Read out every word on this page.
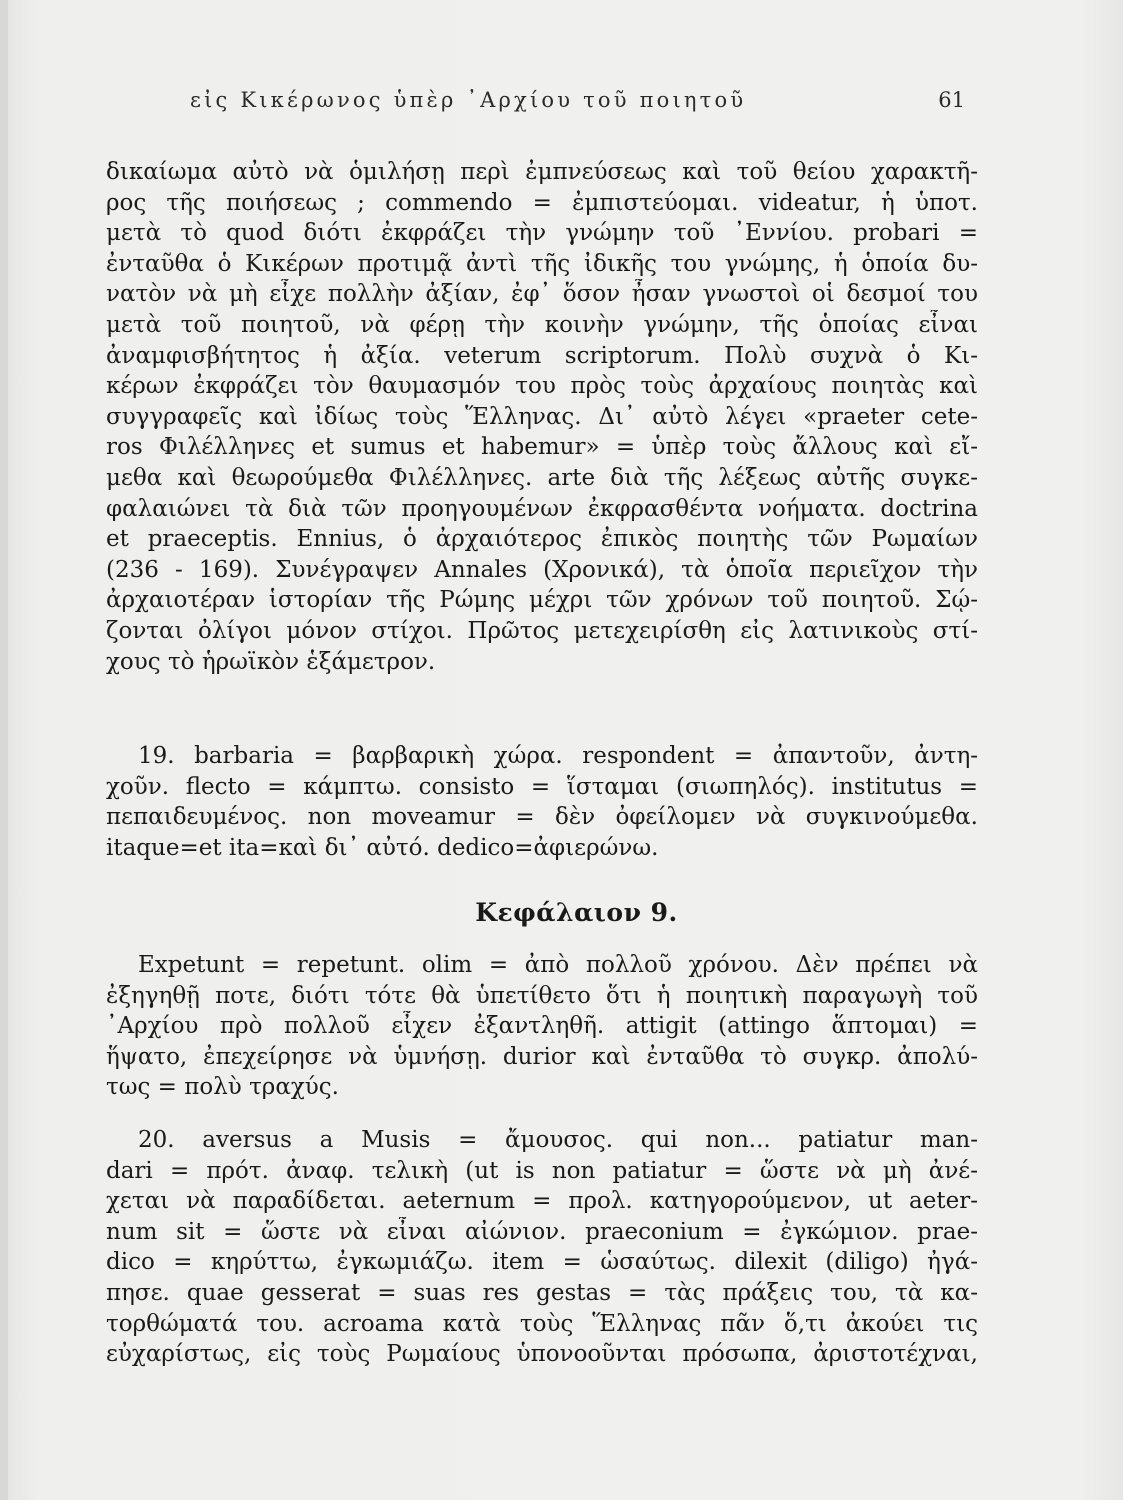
εἰς Κικέρωνος ὑπὲρ ᾽Αρχίου τοῦ ποιητοῦ	61
δικαίωμα αὐτὸ νὰ ὁμιλήσῃ περὶ ἐμπνεύσεως καὶ τοῦ θείου χαρακτῆ-
ρος τῆς ποιήσεως ; commendo = ἐμπιστεύομαι. videatur, ἡ ὑποτ.
μετὰ τὸ quod διότι ἐκφράζει τὴν γνώμην τοῦ ᾽Εννίου. probari =
ἐνταῦθα ὁ Κικέρων προτιμᾷ ἀντὶ τῆς ἰδικῆς του γνώμης, ἡ ὁποία δυ-
νατὸν νὰ μὴ εἶχε πολλὴν ἀξίαν, ἐφ᾽ ὅσον ἦσαν γνωστοὶ οἱ δεσμοί του
μετὰ τοῦ ποιητοῦ, νὰ φέρῃ τὴν κοινὴν γνώμην, τῆς ὁποίας εἶναι
ἀναμφισβήτητος ἡ ἀξία. veterum scriptorum. Πολὺ συχνὰ ὁ Κι-
κέρων ἐκφράζει τὸν θαυμασμόν του πρὸς τοὺς ἀρχαίους ποιητὰς καὶ
συγγραφεῖς καὶ ἰδίως τοὺς Ἕλληνας. Δι᾽ αὐτὸ λέγει «praeter cete-
ros Φιλέλληνες et sumus et habemur» = ὑπὲρ τοὺς ἄλλους καὶ εἴ-
μεθα καὶ θεωρούμεθα Φιλέλληνες. arte διὰ τῆς λέξεως αὐτῆς συγκε-
φαλαιώνει τὰ διὰ τῶν προηγουμένων ἐκφρασθέντα νοήματα. doctrina
et praeceptis. Ennius, ὁ ἀρχαιότερος ἐπικὸς ποιητὴς τῶν Ρωμαίων
(236 - 169). Συνέγραψεν Annales (Χρονικά), τὰ ὁποῖα περιεῖχον τὴν
ἀρχαιοτέραν ἱστορίαν τῆς Ρώμης μέχρι τῶν χρόνων τοῦ ποιητοῦ. Σῴ-
ζονται ὀλίγοι μόνον στίχοι. Πρῶτος μετεχειρίσθη εἰς λατινικοὺς στί-
χους τὸ ἡρωϊκὸν ἑξάμετρον.
19. barbaria = βαρβαρικὴ χώρα. respondent = ἀπαντοῦν, ἀντη-
χοῦν. flecto = κάμπτω. consisto = ἵσταμαι (σιωπηλός). institutus =
πεπαιδευμένος. non moveamur = δὲν ὀφείλομεν νὰ συγκινούμεθα.
itaque=et ita=καὶ δι᾽ αὐτό. dedico=ἀφιερώνω.
Κεφάλαιον 9.
Expetunt = repetunt. olim = ἀπὸ πολλοῦ χρόνου. Δὲν πρέπει νὰ
ἐξηγηθῇ ποτε, διότι τότε θὰ ὑπετίθετο ὅτι ἡ ποιητικὴ παραγωγὴ τοῦ
᾽Αρχίου πρὸ πολλοῦ εἶχεν ἐξαντληθῆ. attigit (attingo ἅπτομαι) =
ἥψατο, ἐπεχείρησε νὰ ὑμνήσῃ. durior καὶ ἐνταῦθα τὸ συγκρ. ἀπολύ-
τως = πολὺ τραχύς.
20. aversus a Musis = ἄμουσος. qui non... patiatur man-
dari = πρότ. ἀναφ. τελικὴ (ut is non patiatur = ὥστε νὰ μὴ ἀνέ-
χεται νὰ παραδίδεται. aeternum = προλ. κατηγορούμενον, ut aeter-
num sit = ὥστε νὰ εἶναι αἰώνιον. praeconium = ἐγκώμιον. prae-
dico = κηρύττω, ἐγκωμιάζω. item = ὡσαύτως. dilexit (diligo) ἠγά-
πησε. quae gesserat = suas res gestas = τὰς πράξεις του, τὰ κα-
τορθώματά του. acroama κατὰ τοὺς Ἕλληνας πᾶν ὅ,τι ἀκούει τις
εὐχαρίστως, εἰς τοὺς Ρωμαίους ὑπονοοῦνται πρόσωπα, ἀριστοτέχναι,
